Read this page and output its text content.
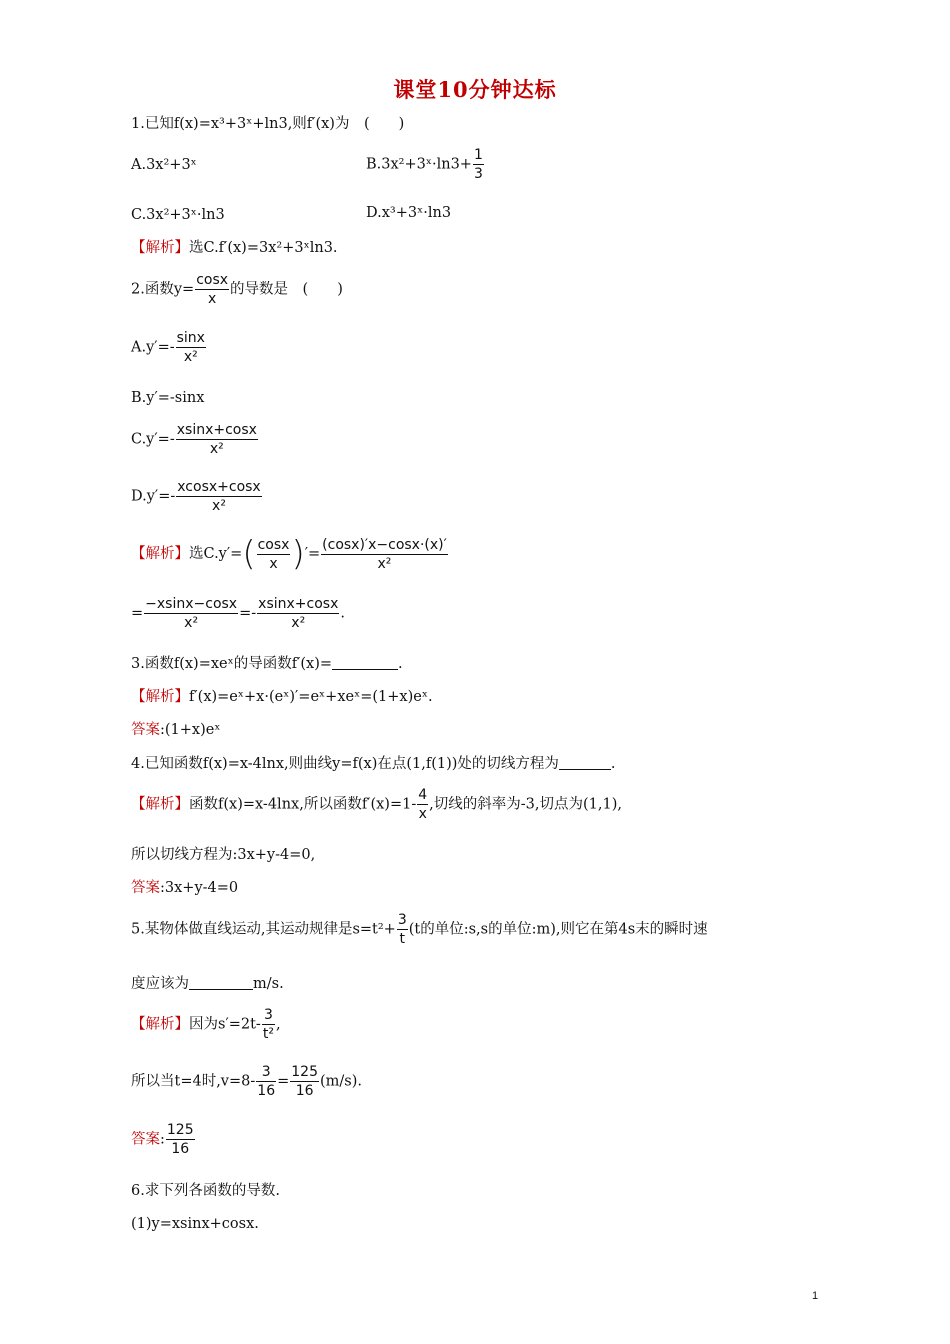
课堂10分钟达标
1.已知f(x)=x³+3ˣ+ln3,则f′(x)为　(　　)
A.3x²+3ˣ	B.3x²+3ˣ·ln3+ $\frac{1}{3}$
C.3x²+3ˣ·ln3	D.x³+3ˣ·ln3
【解析】选C.f′(x)=3x²+3ˣln3.
2.函数$y= \frac{\cos x}{x}$ 的导数是　(　　)
$A.y'=- \frac{\sin x}{\text{x²}}$
B.y′=-sinx
$C.y'=- \frac{xsinx+\cos x}{\text{x²}}$
$D.y'=- \frac{xcosx+\cos x}{\text{x²}}$
【解析】选$C.y'=( \frac{\cos x}{x}$ )′= $\frac{(\cos x)'x-\cos x\cdot(x)'}{\text{x²}}$
= $\frac{-xsinx-\cos x}{\text{x²}} =- \frac{xsinx+\cos x}{\text{x²}}$ .
3.函数f(x)=xeˣ的导函数f′(x)=	.
【解析】f′(x)=eˣ+x·(eˣ)′=eˣ+xeˣ=(1+x)eˣ.
答案:(1+x)eˣ
4.已知函数f(x)=x-4lnx,则曲线y=f(x)在点(1,f(1))处的切线方程为	.
【解析】函数f(x)=x-4lnx,所以函数$f'(x)=1- \frac{4}{x}$ ,切线的斜率为-3,切点为(1,1),
所以切线方程为:3x+y-4=0,
答案:3x+y-4=0
5.某物体做直线运动,其运动规律是$s=t^2+ \frac{3}{t} (t$的单位:s,s的单位:m),则它在第4s末的瞬时速
度应该为	m/s.
【解析】因为$s'=2t- \frac{3}{\text{t²}}$ ,
所以当t=4时$,v=8- \frac{3}{16} = \frac{125}{16} (m/s)$.
答案: $\frac{125}{16}$
6.求下列各函数的导数.
(1)y=xsinx+cosx.
1
